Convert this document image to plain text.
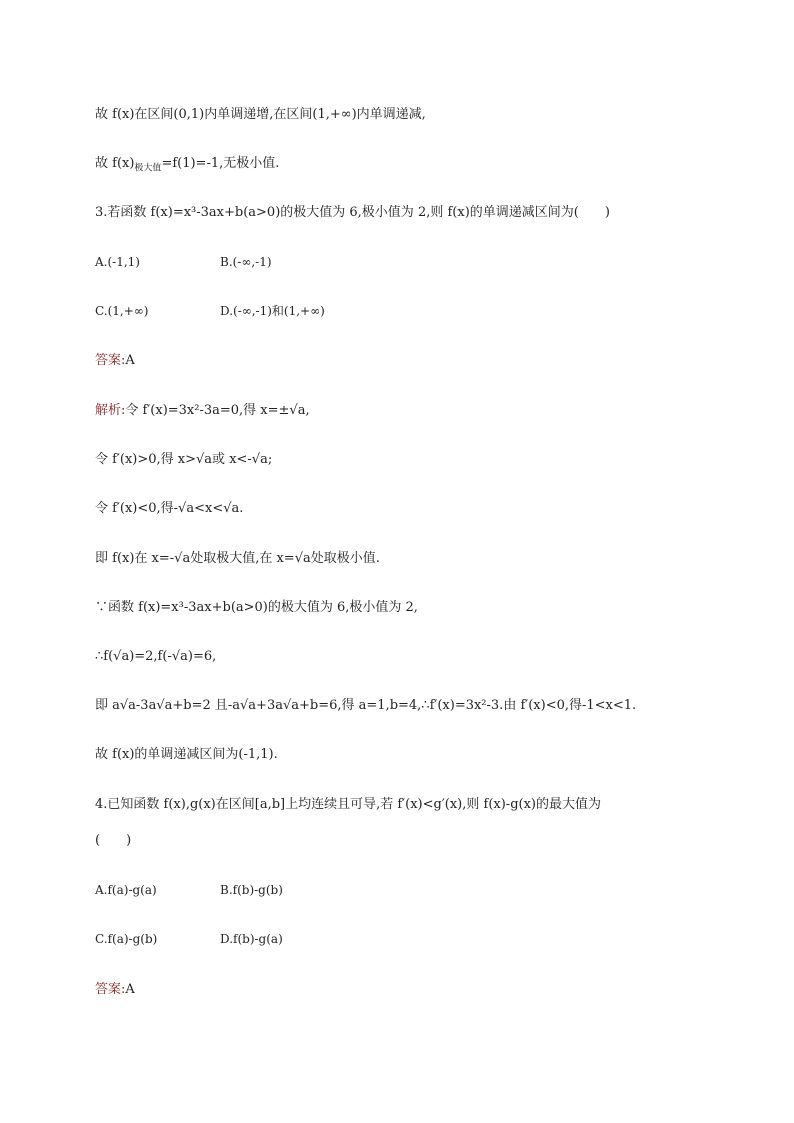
故 f(x)在区间(0,1)内单调递增,在区间(1,+∞)内单调递减,
故 $f(x)_{极大值}=f(1)=-1$,无极小值.
3.若函数 f(x)=x³-3ax+b(a>0)的极大值为 6,极小值为 2,则 f(x)的单调递减区间为(　　)
A.(-1,1)	B.(-∞,-1)
C.(1,+∞)	D.(-∞,-1)和(1,+∞)
答案:A
解析:令 f′(x)=3x²-3a=0,得 x=±√a,
令 f′(x)>0,得 x>√a或 x<-√a;
令 f′(x)<0,得-√a<x<√a.
即 f(x)在 x=-√a处取极大值,在 x=√a处取极小值.
∵函数 f(x)=x³-3ax+b(a>0)的极大值为 6,极小值为 2,
∴f(√a)=2,f(-√a)=6,
即 a√a-3a√a+b=2 且-a√a+3a√a+b=6,得 a=1,b=4,∴f′(x)=3x²-3.由 f′(x)<0,得-1<x<1.
故 f(x)的单调递减区间为(-1,1).
4.已知函数 f(x),g(x)在区间[a,b]上均连续且可导,若 f′(x)<g′(x),则 f(x)-g(x)的最大值为
(　　)
A.f(a)-g(a)	B.f(b)-g(b)
C.f(a)-g(b)	D.f(b)-g(a)
答案:A
